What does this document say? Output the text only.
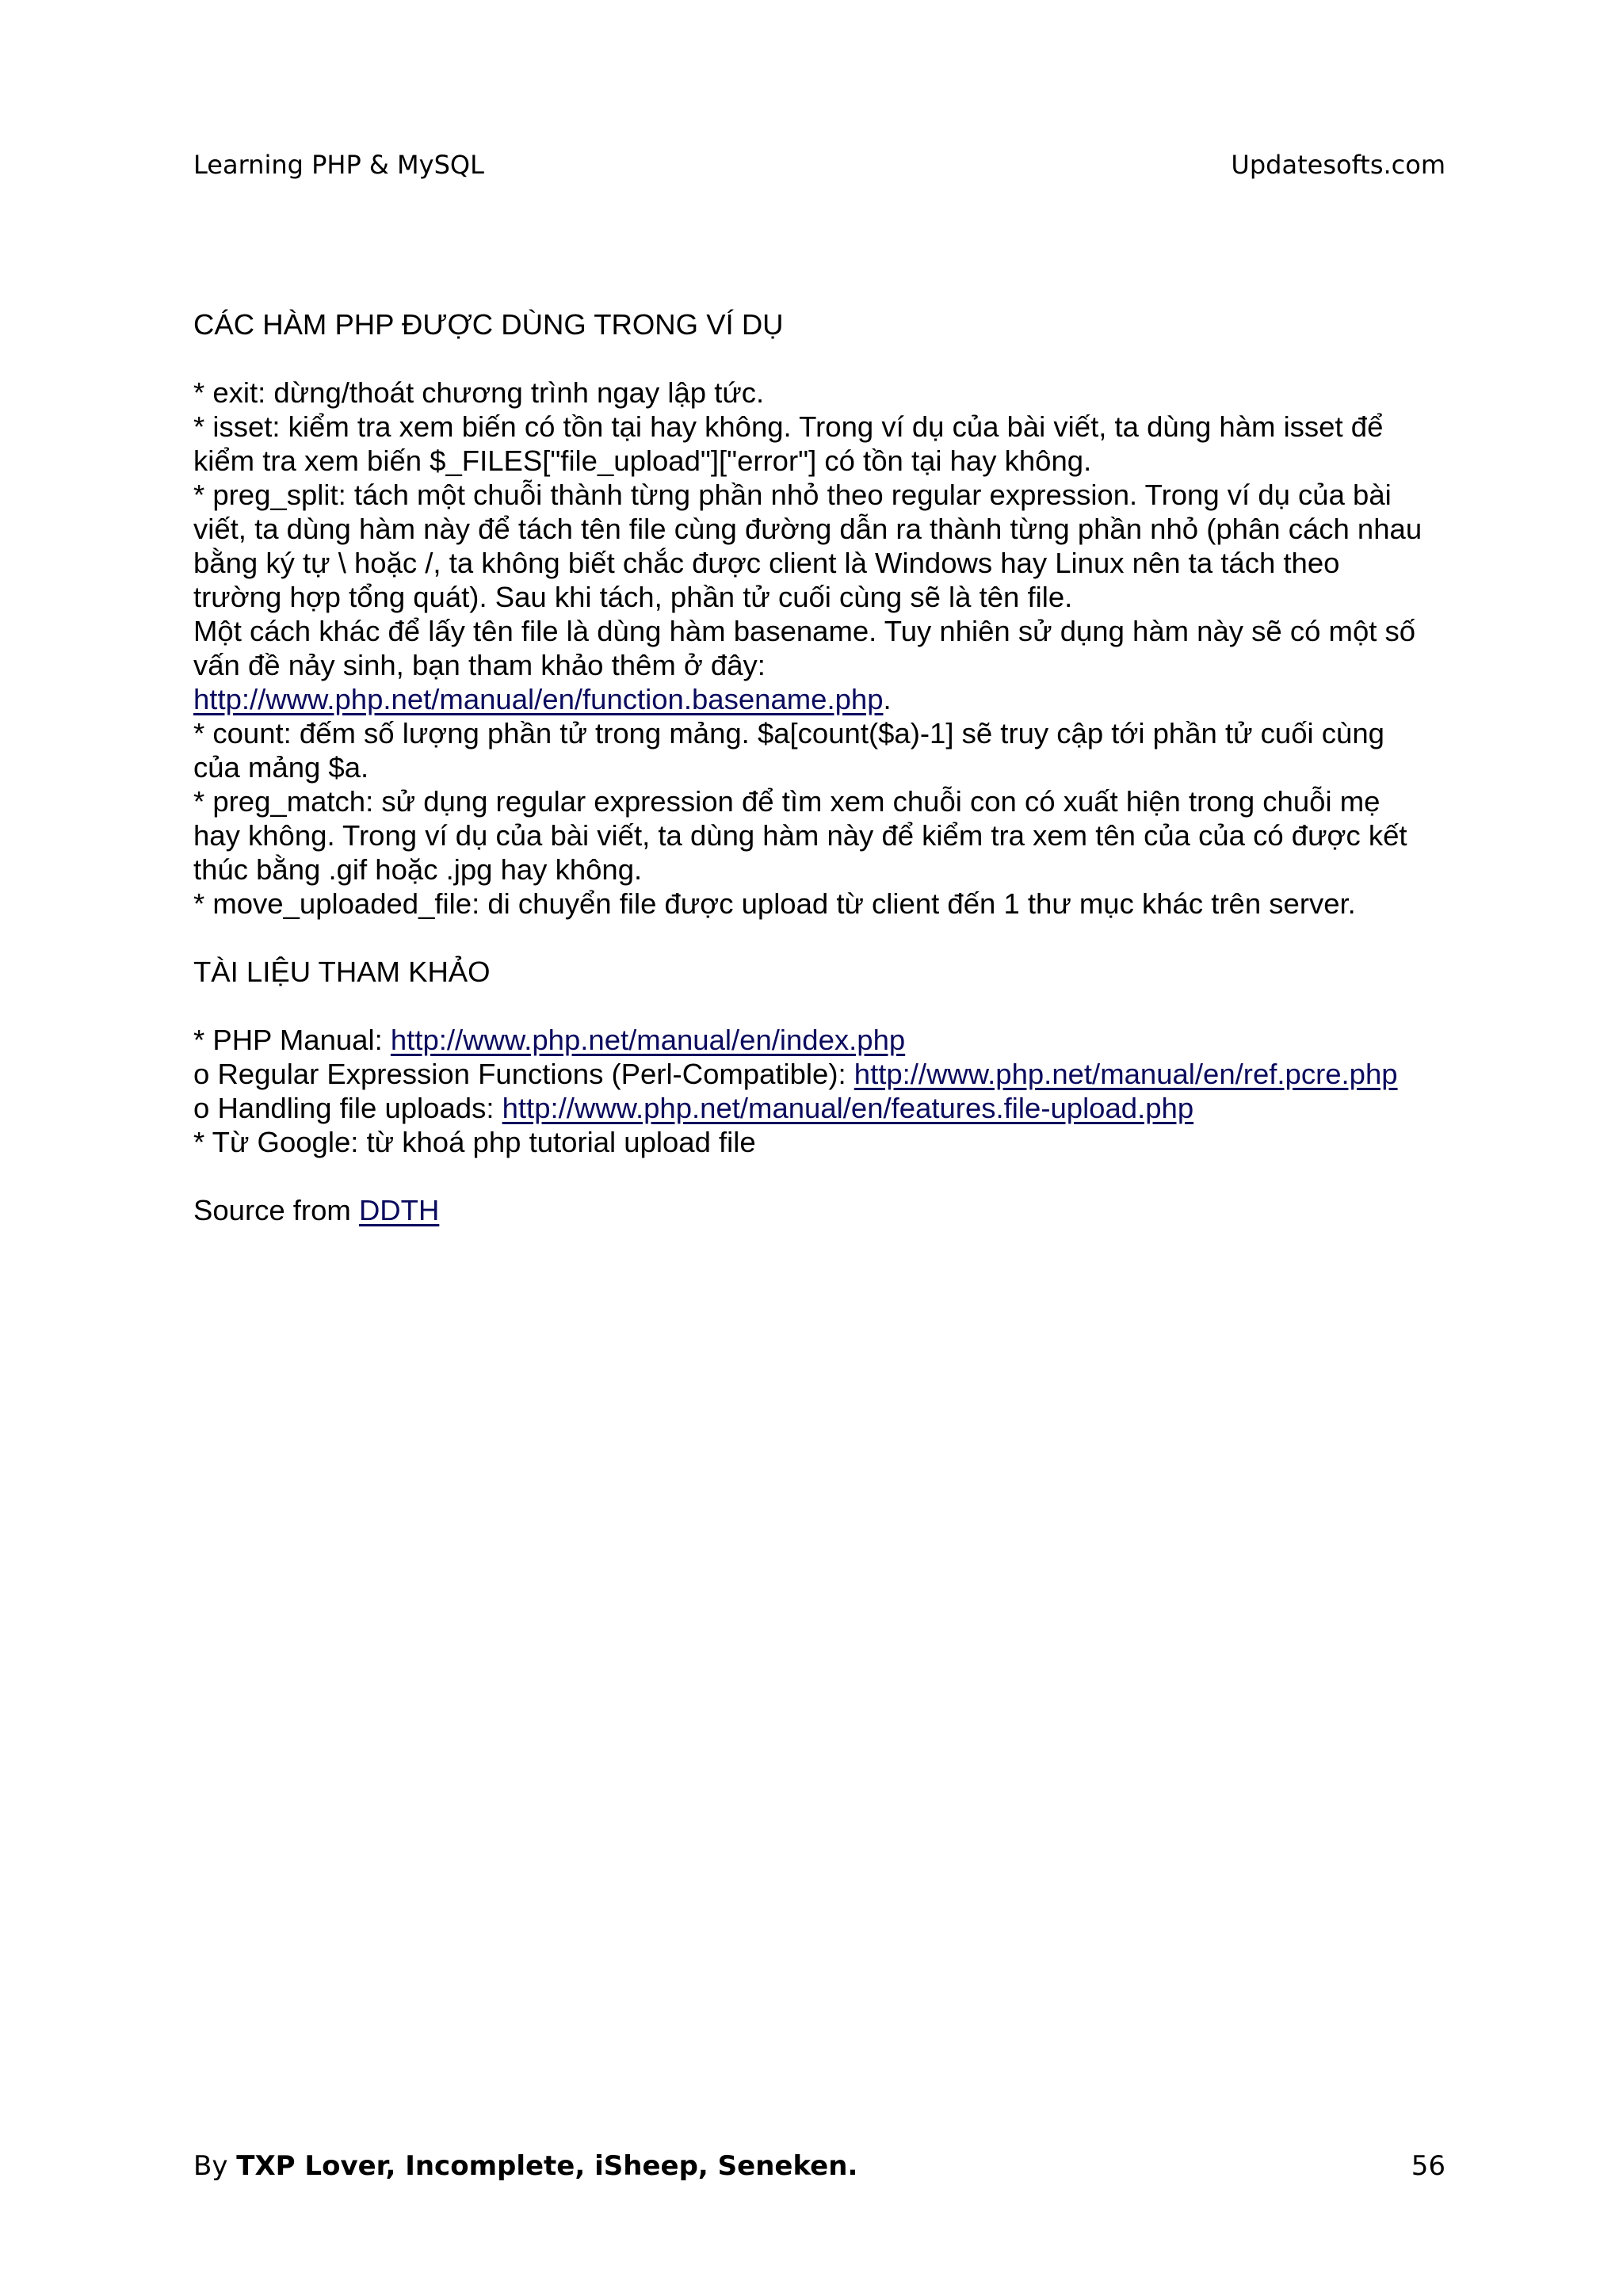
Learning PHP & MySQL	Updatesofts.com

CÁC HÀM PHP ĐƯỢC DÙNG TRONG VÍ DỤ

* exit: dừng/thoát chương trình ngay lập tức.

* isset: kiểm tra xem biến có tồn tại hay không. Trong ví dụ của bài viết, ta dùng hàm isset để

kiểm tra xem biến $_FILES["file_upload"]["error"] có tồn tại hay không.

* preg_split: tách một chuỗi thành từng phần nhỏ theo regular expression. Trong ví dụ của bài

viết, ta dùng hàm này để tách tên file cùng đường dẫn ra thành từng phần nhỏ (phân cách nhau

bằng ký tự \ hoặc /, ta không biết chắc được client là Windows hay Linux nên ta tách theo

trường hợp tổng quát). Sau khi tách, phần tử cuối cùng sẽ là tên file.

Một cách khác để lấy tên file là dùng hàm basename. Tuy nhiên sử dụng hàm này sẽ có một số

vấn đề nảy sinh, bạn tham khảo thêm ở đây:

http://www.php.net/manual/en/function.basename.php.

* count: đếm số lượng phần tử trong mảng. $a[count($a)-1] sẽ truy cập tới phần tử cuối cùng

của mảng $a.

* preg_match: sử dụng regular expression để tìm xem chuỗi con có xuất hiện trong chuỗi mẹ

hay không. Trong ví dụ của bài viết, ta dùng hàm này để kiểm tra xem tên của của có được kết

thúc bằng .gif hoặc .jpg hay không.

* move_uploaded_file: di chuyển file được upload từ client đến 1 thư mục khác trên server.

TÀI LIỆU THAM KHẢO

* PHP Manual: http://www.php.net/manual/en/index.php

o Regular Expression Functions (Perl-Compatible): http://www.php.net/manual/en/ref.pcre.php

o Handling file uploads: http://www.php.net/manual/en/features.file-upload.php

* Từ Google: từ khoá php tutorial upload file

Source from DDTH

By TXP Lover, Incomplete, iSheep, Seneken.	56
